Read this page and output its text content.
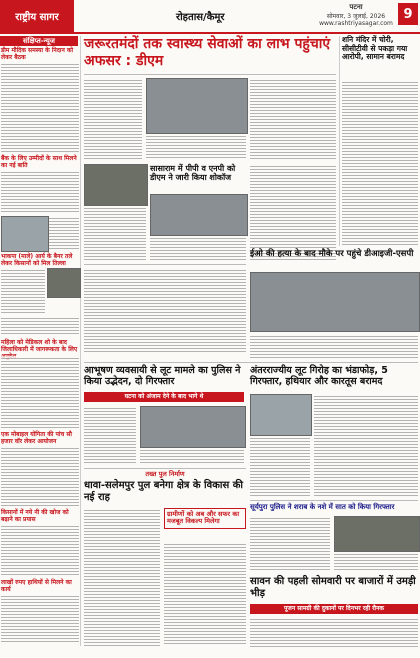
राष्ट्रीय सागर	रोहतास/कैमूर
पटना
सोमवार, 3 जुलाई, 2026
www.rashtriyasagar.com
9
संक्षिप्त-न्यूज
डीम मौदिक समस्या के निदान को लेकर बैठक
बैंक के लिए उम्मीदों के साथ मिलने का नई बाति
भाकपा (माले) आर्य के बैनर तले लेकर किसानों को मिल तिल्ला
महिला को मेडिकल शो के बाद जिलाधिकारी में जागरूकता के लिए
एक मोबाइल योगिता की पांच सौ हजार वॉर लेकर आयोजन
किसानों में नये नी की खोज को बढ़ाने का प्रयास
लाखों रुपए हाथियों से मिलने का कार्य
जरूरतमंदों तक स्वास्थ्य सेवाओं का लाभ पहुंचाएं अफसर : डीएम
शनि मंदिर में चोरी, सीसीटीवी से पकड़ा गया आरोपी, सामान बरामद
सासाराम में पीपी व एनपी को डीएम ने जारी किया शोकॉज
ईओ की हत्या के बाद मौके पर पहुंचे डीआइजी-एसपी
आभूषण व्यवसायी से लूट मामले का पुलिस ने किया उद्भेदन, दो गिरफ्तार
घटना को अंजाम देने के बाद भागे थे
अंतरराज्यीय लूट गिरोह का भंडाफोड़, 5 गिरफ्तार, हथियार और कारतूस बरामद
तख्त पुल निर्माण
धावा-सलेमपुर पुल बनेगा क्षेत्र के विकास की नई राह
ग्रामीणों को अब और सफर का मजबूत विकल्प मिलेगा
सूर्यपुरा पुलिस ने शराब के नशे में सात को किया गिरफ्तार
सावन की पहली सोमवारी पर बाजारों में उमड़ी भीड़
पूजन सामग्री की दुकानों पर दिनभर रही रौनक
